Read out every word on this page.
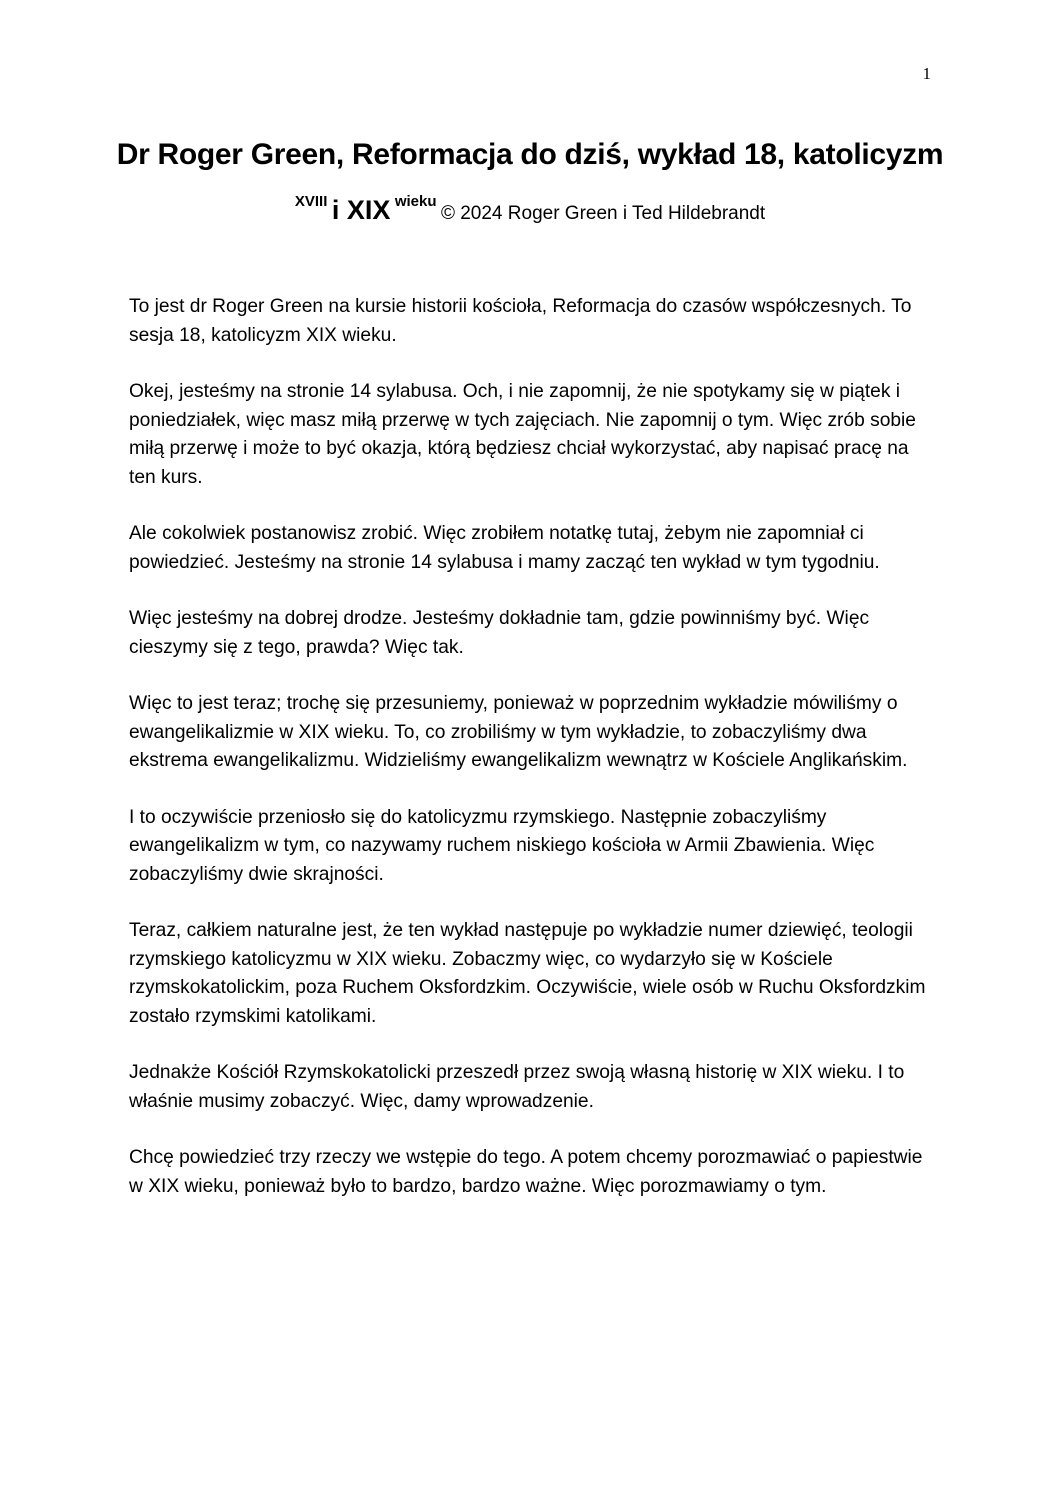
1
Dr Roger Green, Reformacja do dziś, wykład 18, katolicyzm
XVIII i XIX wieku © 2024 Roger Green i Ted Hildebrandt

To jest dr Roger Green na kursie historii kościoła, Reformacja do czasów współczesnych. To sesja 18, katolicyzm XIX wieku.

Okej, jesteśmy na stronie 14 sylabusa. Och, i nie zapomnij, że nie spotykamy się w piątek i poniedziałek, więc masz miłą przerwę w tych zajęciach. Nie zapomnij o tym. Więc zrób sobie miłą przerwę i może to być okazja, którą będziesz chciał wykorzystać, aby napisać pracę na ten kurs.

Ale cokolwiek postanowisz zrobić. Więc zrobiłem notatkę tutaj, żebym nie zapomniał ci powiedzieć. Jesteśmy na stronie 14 sylabusa i mamy zacząć ten wykład w tym tygodniu.

Więc jesteśmy na dobrej drodze. Jesteśmy dokładnie tam, gdzie powinniśmy być. Więc cieszymy się z tego, prawda? Więc tak.

Więc to jest teraz; trochę się przesuniemy, ponieważ w poprzednim wykładzie mówiliśmy o ewangelikalizmie w XIX wieku. To, co zrobiliśmy w tym wykładzie, to zobaczyliśmy dwa ekstrema ewangelikalizmu. Widzieliśmy ewangelikalizm wewnątrz w Kościele Anglikańskim.

I to oczywiście przeniosło się do katolicyzmu rzymskiego. Następnie zobaczyliśmy ewangelikalizm w tym, co nazywamy ruchem niskiego kościoła w Armii Zbawienia. Więc zobaczyliśmy dwie skrajności.

Teraz, całkiem naturalne jest, że ten wykład następuje po wykładzie numer dziewięć, teologii rzymskiego katolicyzmu w XIX wieku. Zobaczmy więc, co wydarzyło się w Kościele rzymskokatolickim, poza Ruchem Oksfordzkim. Oczywiście, wiele osób w Ruchu Oksfordzkim zostało rzymskimi katolikami.

Jednakże Kościół Rzymskokatolicki przeszedł przez swoją własną historię w XIX wieku. I to właśnie musimy zobaczyć. Więc, damy wprowadzenie.

Chcę powiedzieć trzy rzeczy we wstępie do tego. A potem chcemy porozmawiać o papiestwie w XIX wieku, ponieważ było to bardzo, bardzo ważne. Więc porozmawiamy o tym.
